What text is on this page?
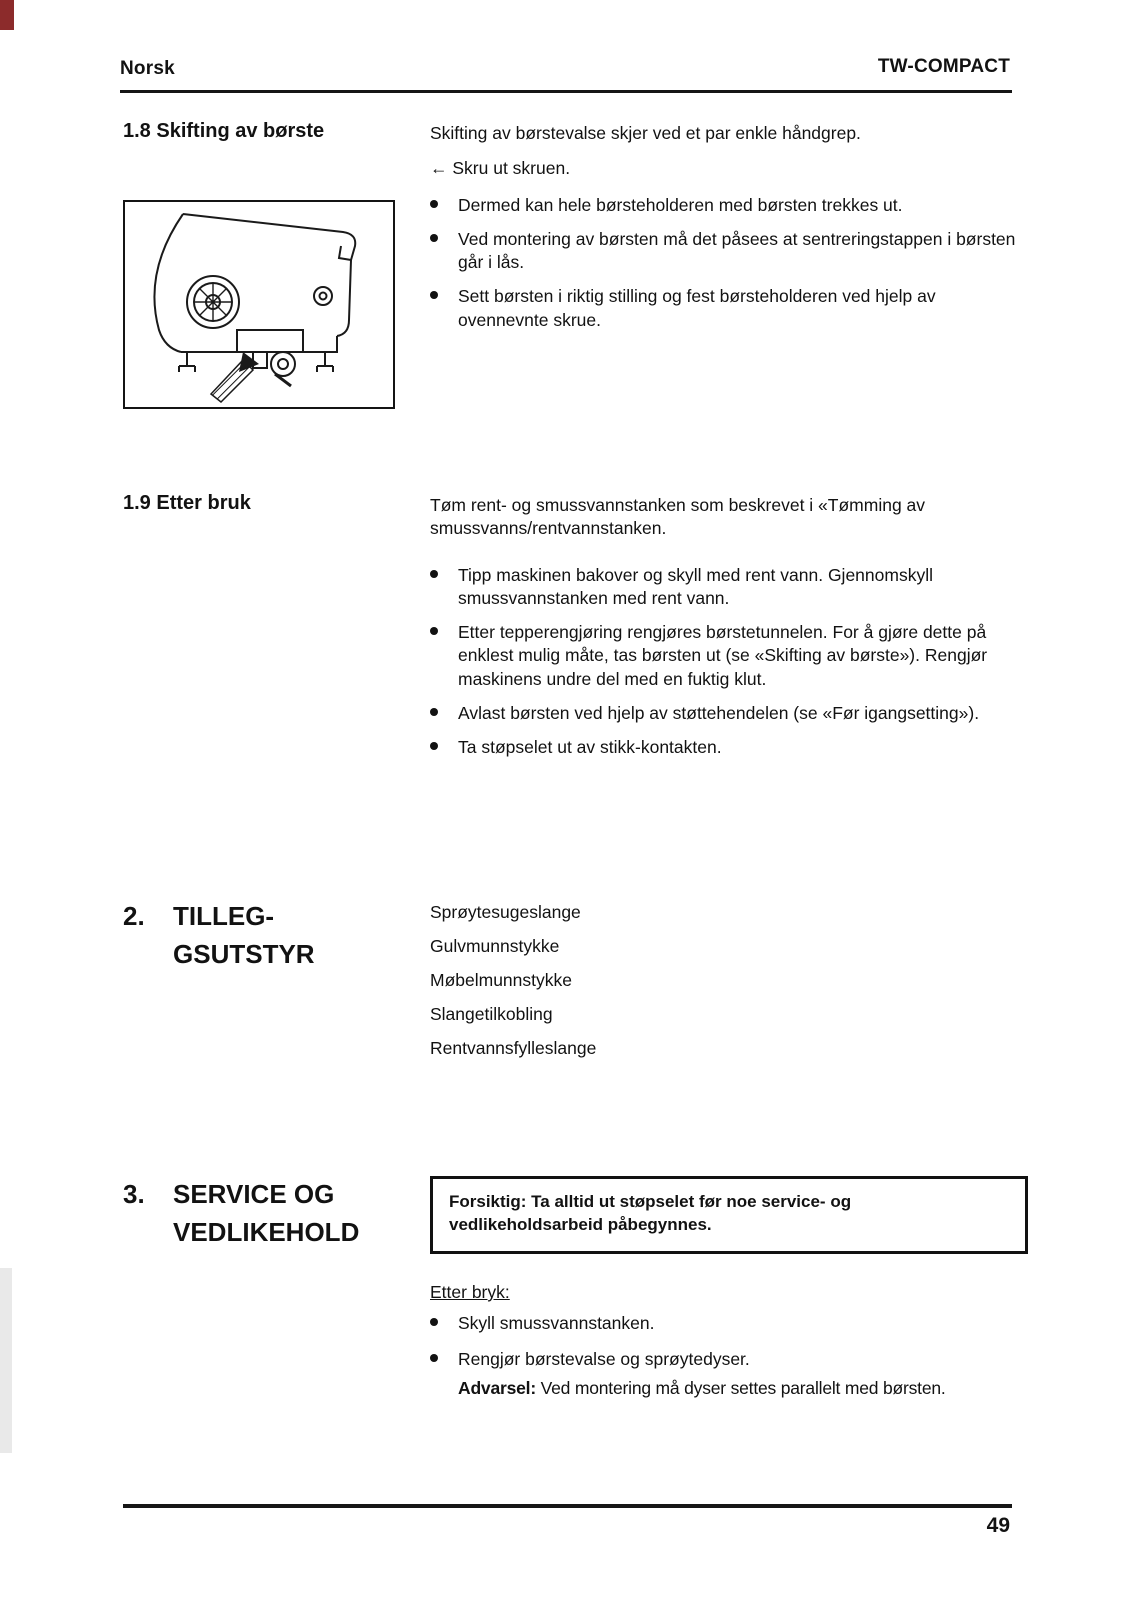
Norsk	TW-COMPACT
1.8 Skifting av børste	Skifting av børstevalse skjer ved et par enkle håndgrep.
← Skru ut skruen.
Dermed kan hele børsteholderen med børsten trekkes ut.
Ved montering av børsten må det påsees at sentreringstappen i børsten går i lås.
Sett børsten i riktig stilling og fest børsteholderen ved hjelp av ovennevnte skrue.
1.9 Etter bruk	Tøm rent- og smussvannstanken som beskrevet i «Tømming av smussvanns/rentvannstanken.
Tipp maskinen bakover og skyll med rent vann. Gjennomskyll smussvannstanken med rent vann.
Etter tepperengjøring rengjøres børstetunnelen. For å gjøre dette på enklest mulig måte, tas børsten ut (se «Skifting av børste»). Rengjør maskinens undre del med en fuktig klut.
Avlast børsten ved hjelp av støttehendelen (se «Før igangsetting»).
Ta støpselet ut av stikk-kontakten.
2.	TILLEG-
GSUTSTYR
Sprøytesugeslange
Gulvmunnstykke
Møbelmunnstykke
Slangetilkobling
Rentvannsfylleslange
3.	SERVICE OG
VEDLIKEHOLD
Forsiktig: Ta alltid ut støpselet før noe service- og vedlikeholdsarbeid påbegynnes.
Etter bryk:
Skyll smussvannstanken.
Rengjør børstevalse og sprøytedyser.
Advarsel: Ved montering må dyser settes parallelt med børsten.
49
